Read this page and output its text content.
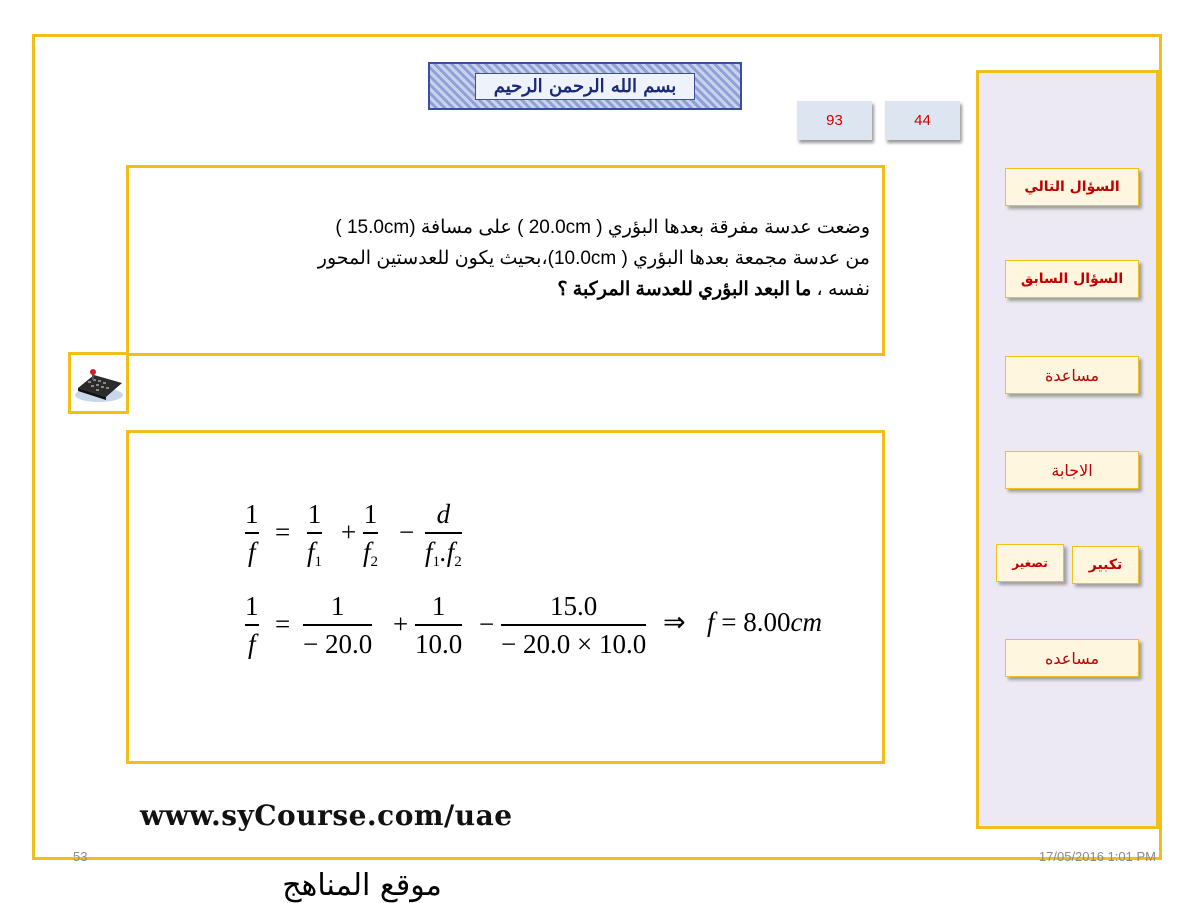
بسم الله الرحمن الرحيم
93	44
السؤال التالي
السؤال السابق
مساعدة
الاجابة
تكبير
تصغير
مساعده
وضعت عدسة مفرقة بعدها البؤري ( 20.0cm ) على مسافة (15.0cm )
من عدسة مجمعة بعدها البؤري ( 10.0cm)،بحيث يكون للعدستين المحور
نفسه ، ما البعد البؤري للعدسة المركبة ؟
1
f
=
1
$f_1$
+
1
$f_2$
−
d
$f_1.f_2$
1
f
=
1
− 20.0
+
1
10.0
−
15.0
− 20.0 × 10.0
⇒ f = 8.00cm
www.syCourse.com/uae
53	17/05/2016 1:01 PM
موقع المناهج
